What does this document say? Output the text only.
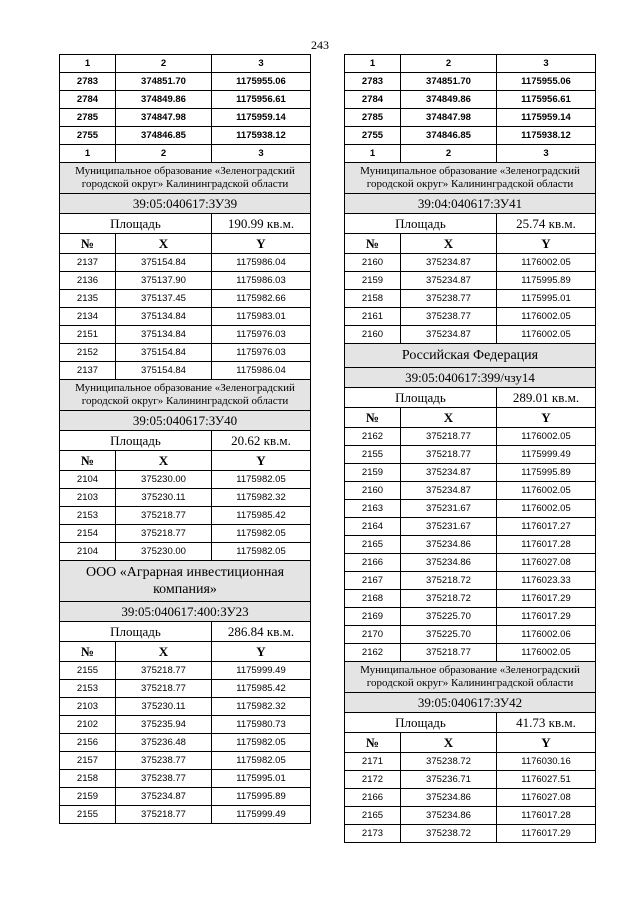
243
1	2	3
2783	374851.70	1175955.06
2784	374849.86	1175956.61
2785	374847.98	1175959.14
2755	374846.85	1175938.12
1	2	3
Муниципальное образование «Зеленоградский городской округ» Калининградской области		
39:05:040617:ЗУ39		
Площадь		190.99 кв.м.
№	X	Y
2137	375154.84	1175986.04
2136	375137.90	1175986.03
2135	375137.45	1175982.66
2134	375134.84	1175983.01
2151	375134.84	1175976.03
2152	375154.84	1175976.03
2137	375154.84	1175986.04
Муниципальное образование «Зеленоградский городской округ» Калининградской области		
39:05:040617:ЗУ40		
Площадь		20.62 кв.м.
№	X	Y
2104	375230.00	1175982.05
2103	375230.11	1175982.32
2153	375218.77	1175985.42
2154	375218.77	1175982.05
2104	375230.00	1175982.05
ООО «Аграрная инвестиционная компания»		
39:05:040617:400:ЗУ23		
Площадь		286.84 кв.м.
№	X	Y
2155	375218.77	1175999.49
2153	375218.77	1175985.42
2103	375230.11	1175982.32
2102	375235.94	1175980.73
2156	375236.48	1175982.05
2157	375238.77	1175982.05
2158	375238.77	1175995.01
2159	375234.87	1175995.89
2155	375218.77	1175999.49
1	2	3
2783	374851.70	1175955.06
2784	374849.86	1175956.61
2785	374847.98	1175959.14
2755	374846.85	1175938.12
1	2	3
Муниципальное образование «Зеленоградский городской округ» Калининградской области		
39:04:040617:ЗУ41		
Площадь		25.74 кв.м.
№	X	Y
2160	375234.87	1176002.05
2159	375234.87	1175995.89
2158	375238.77	1175995.01
2161	375238.77	1176002.05
2160	375234.87	1176002.05
Российская Федерация		
39:05:040617:399/чзу14		
Площадь		289.01 кв.м.
№	X	Y
2162	375218.77	1176002.05
2155	375218.77	1175999.49
2159	375234.87	1175995.89
2160	375234.87	1176002.05
2163	375231.67	1176002.05
2164	375231.67	1176017.27
2165	375234.86	1176017.28
2166	375234.86	1176027.08
2167	375218.72	1176023.33
2168	375218.72	1176017.29
2169	375225.70	1176017.29
2170	375225.70	1176002.06
2162	375218.77	1176002.05
Муниципальное образование «Зеленоградский городской округ» Калининградской области		
39:05:040617:ЗУ42		
Площадь		41.73 кв.м.
№	X	Y
2171	375238.72	1176030.16
2172	375236.71	1176027.51
2166	375234.86	1176027.08
2165	375234.86	1176017.28
2173	375238.72	1176017.29
